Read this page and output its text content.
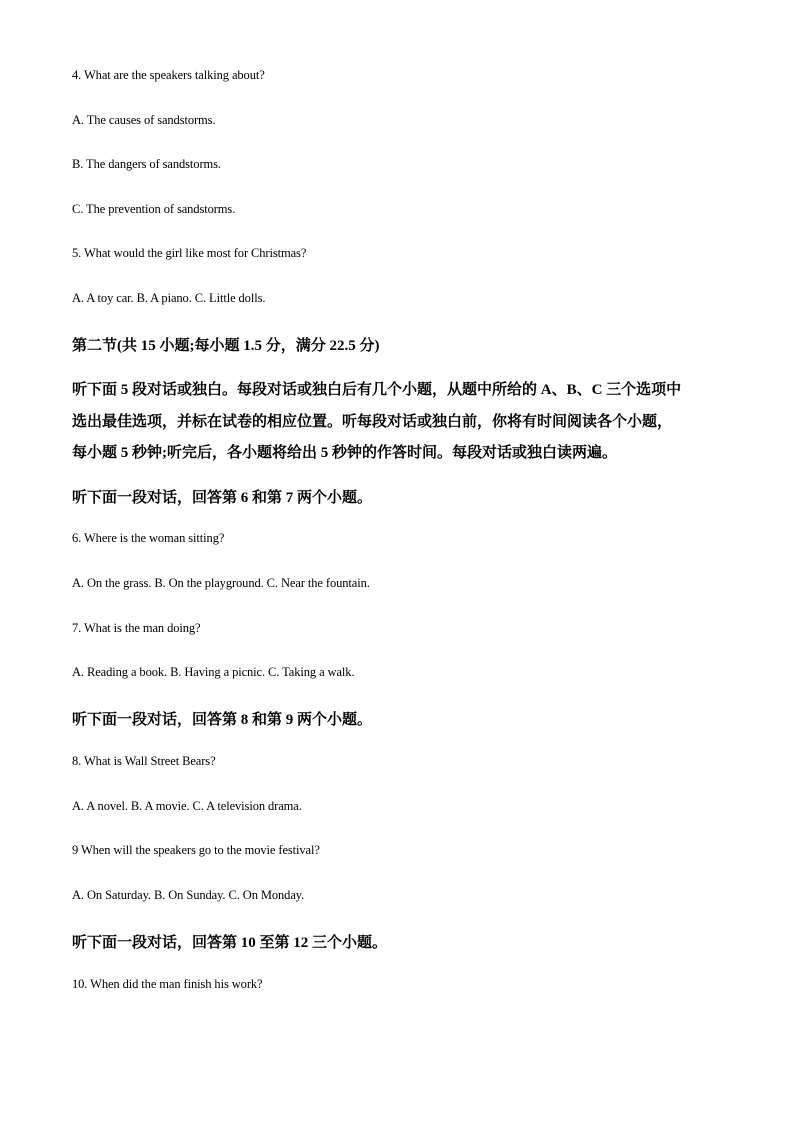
4. What are the speakers talking about?
A. The causes of sandstorms.
B. The dangers of sandstorms.
C. The prevention of sandstorms.
5. What would the girl like most for Christmas?
A. A toy car. B. A piano. C. Little dolls.
第二节(共 15 小题;每小题 1.5 分，满分 22.5 分)
听下面 5 段对话或独白。每段对话或独白后有几个小题，从题中所给的 A、B、C 三个选项中
选出最佳选项，并标在试卷的相应位置。听每段对话或独白前，你将有时间阅读各个小题，
每小题 5 秒钟;听完后，各小题将给出 5 秒钟的作答时间。每段对话或独白读两遍。
听下面一段对话，回答第 6 和第 7 两个小题。
6. Where is the woman sitting?
A. On the grass. B. On the playground. C. Near the fountain.
7. What is the man doing?
A. Reading a book. B. Having a picnic. C. Taking a walk.
听下面一段对话，回答第 8 和第 9 两个小题。
8. What is Wall Street Bears?
A. A novel. B. A movie. C. A television drama.
9 When will the speakers go to the movie festival?
A. On Saturday. B. On Sunday. C. On Monday.
听下面一段对话，回答第 10 至第 12 三个小题。
10. When did the man finish his work?
